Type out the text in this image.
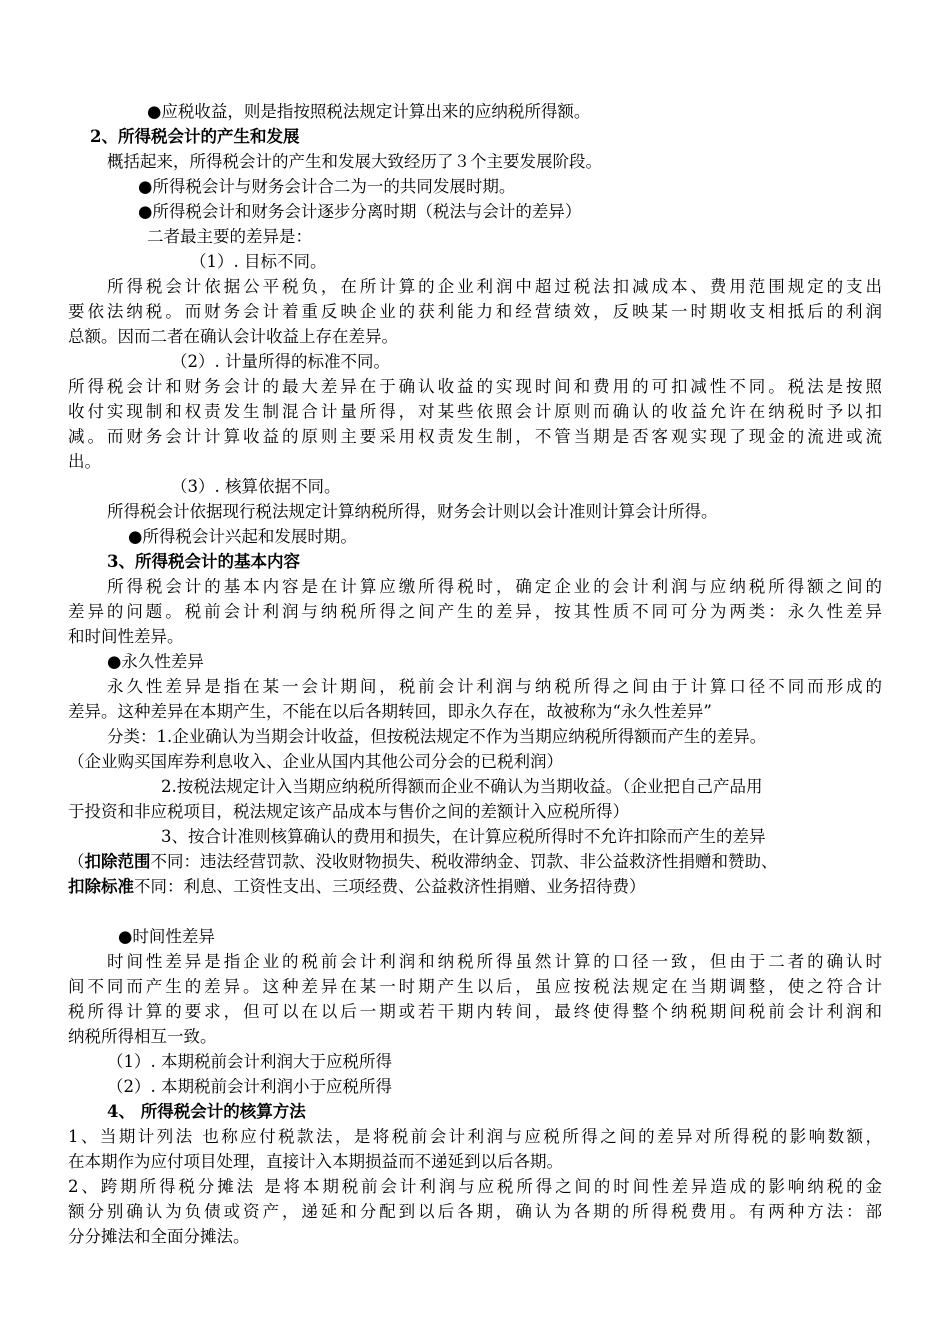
●应税收益，则是指按照税法规定计算出来的应纳税所得额。
2、所得税会计的产生和发展
概括起来，所得税会计的产生和发展大致经历了３个主要发展阶段。
●所得税会计与财务会计合二为一的共同发展时期。
●所得税会计和财务会计逐步分离时期（税法与会计的差异）
二者最主要的差异是：
（1）. 目标不同。
所得税会计依据公平税负，在所计算的企业利润中超过税法扣减成本、费用范围规定的支出
要依法纳税。而财务会计着重反映企业的获利能力和经营绩效，反映某一时期收支相抵后的利润
总额。因而二者在确认会计收益上存在差异。
（2）. 计量所得的标准不同。
所得税会计和财务会计的最大差异在于确认收益的实现时间和费用的可扣减性不同。税法是按照
收付实现制和权责发生制混合计量所得，对某些依照会计原则而确认的收益允许在纳税时予以扣
减。而财务会计计算收益的原则主要采用权责发生制，不管当期是否客观实现了现金的流进或流
出。
（3）. 核算依据不同。
所得税会计依据现行税法规定计算纳税所得，财务会计则以会计准则计算会计所得。
●所得税会计兴起和发展时期。
3、所得税会计的基本内容
所得税会计的基本内容是在计算应缴所得税时，确定企业的会计利润与应纳税所得额之间的
差异的问题。税前会计利润与纳税所得之间产生的差异，按其性质不同可分为两类：永久性差异
和时间性差异。
●永久性差异
永久性差异是指在某一会计期间，税前会计利润与纳税所得之间由于计算口径不同而形成的
差异。这种差异在本期产生，不能在以后各期转回，即永久存在，故被称为“永久性差异”
分类：1.企业确认为当期会计收益，但按税法规定不作为当期应纳税所得额而产生的差异。
（企业购买国库券利息收入、企业从国内其他公司分会的已税利润）
2.按税法规定计入当期应纳税所得额而企业不确认为当期收益。（企业把自己产品用
于投资和非应税项目，税法规定该产品成本与售价之间的差额计入应税所得）
3、按合计准则核算确认的费用和损失，在计算应税所得时不允许扣除而产生的差异
（扣除范围不同：违法经营罚款、没收财物损失、税收滞纳金、罚款、非公益救济性捐赠和赞助、
扣除标准不同：利息、工资性支出、三项经费、公益救济性捐赠、业务招待费）
●时间性差异
时间性差异是指企业的税前会计利润和纳税所得虽然计算的口径一致，但由于二者的确认时
间不同而产生的差异。这种差异在某一时期产生以后，虽应按税法规定在当期调整，使之符合计
税所得计算的要求，但可以在以后一期或若干期内转间，最终使得整个纳税期间税前会计利润和
纳税所得相互一致。
（1）. 本期税前会计利润大于应税所得
（2）. 本期税前会计利润小于应税所得
4、 所得税会计的核算方法
1、当期计列法 也称应付税款法，是将税前会计利润与应税所得之间的差异对所得税的影响数额，
在本期作为应付项目处理，直接计入本期损益而不递延到以后各期。
2、跨期所得税分摊法 是将本期税前会计利润与应税所得之间的时间性差异造成的影响纳税的金
额分别确认为负债或资产，递延和分配到以后各期，确认为各期的所得税费用。有两种方法：部
分分摊法和全面分摊法。
